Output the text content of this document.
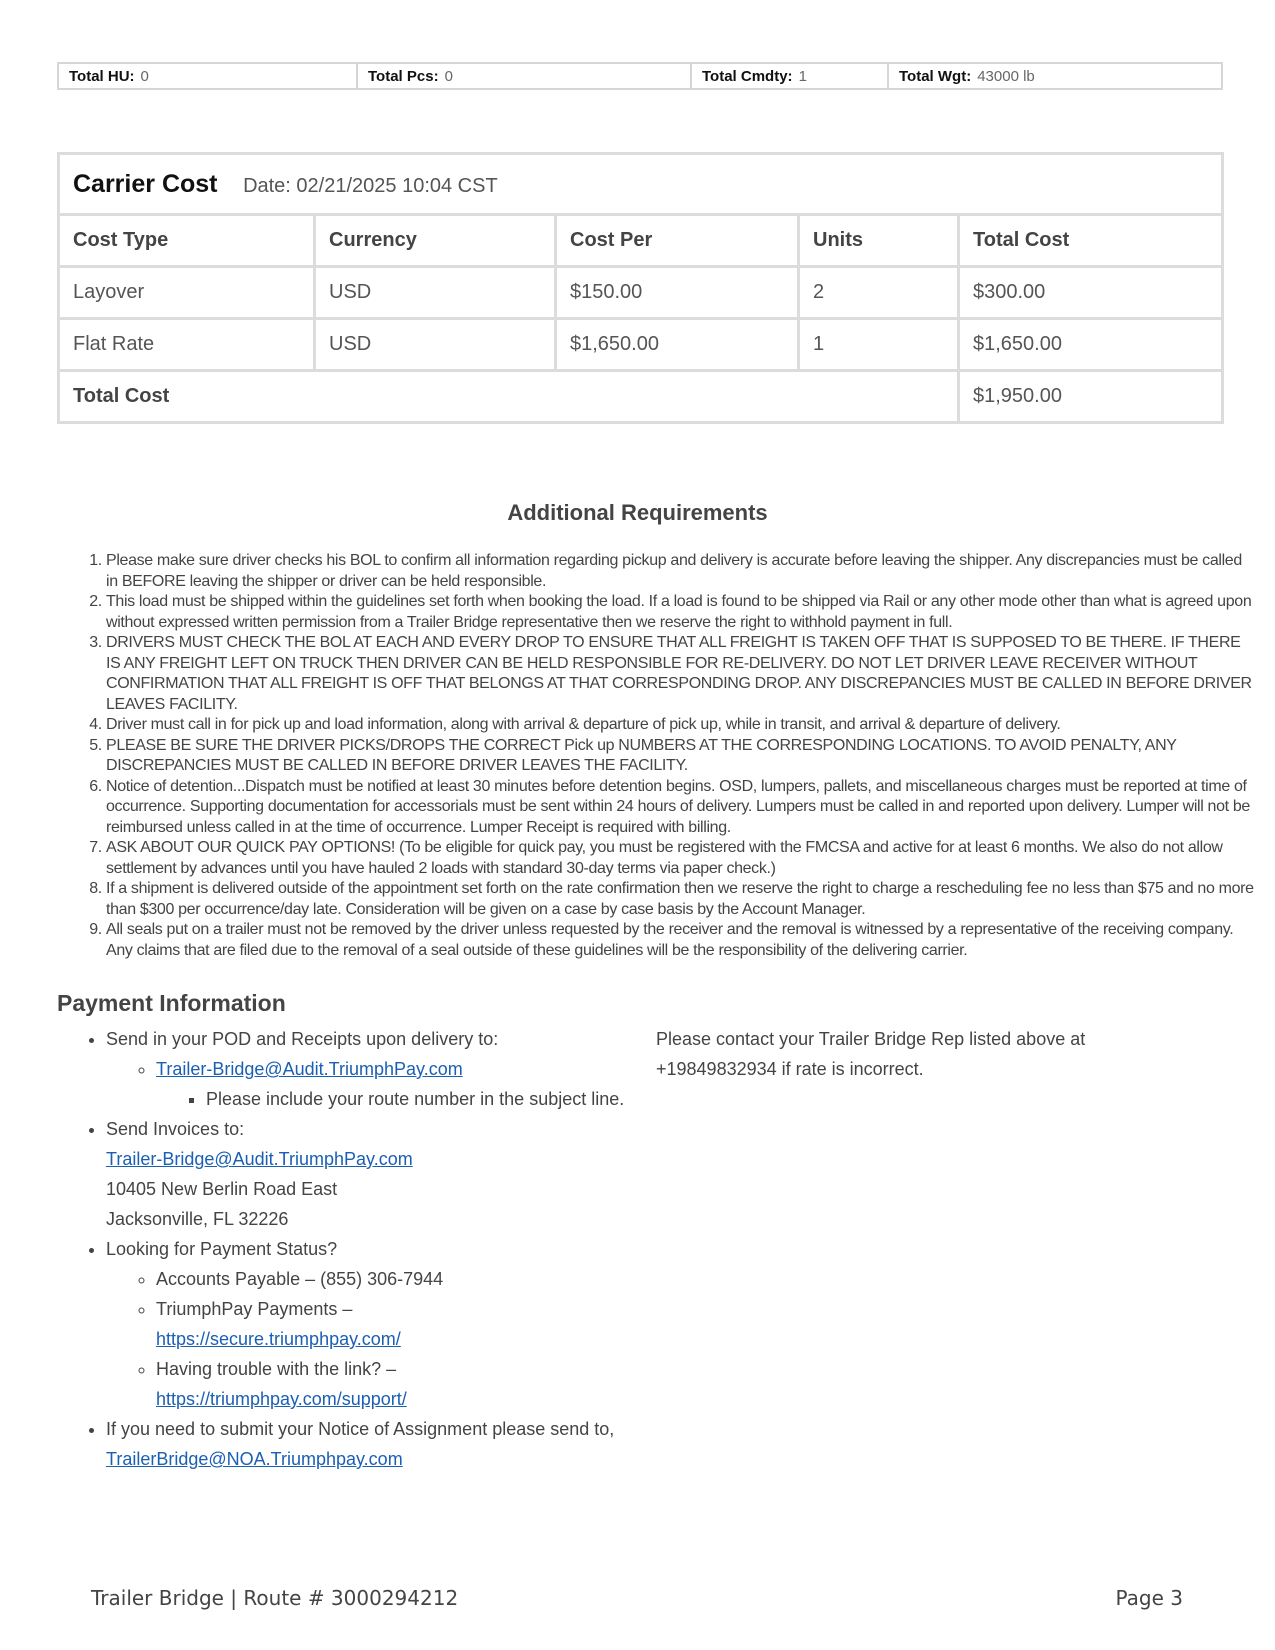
Total HU: 0	Total Pcs: 0	Total Cmdty: 1	Total Wgt: 43000 lb
Carrier Cost Date: 02/21/2025 10:04 CST				
Cost Type	Currency	Cost Per	Units	Total Cost
Layover	USD	$150.00	2	$300.00
Flat Rate	USD	$1,650.00	1	$1,650.00
Total Cost				$1,950.00
Additional Requirements
1. Please make sure driver checks his BOL to confirm all information regarding pickup and delivery is accurate before leaving the shipper. Any discrepancies must be called in BEFORE leaving the shipper or driver can be held responsible.
2. This load must be shipped within the guidelines set forth when booking the load. If a load is found to be shipped via Rail or any other mode other than what is agreed upon without expressed written permission from a Trailer Bridge representative then we reserve the right to withhold payment in full.
3. DRIVERS MUST CHECK THE BOL AT EACH AND EVERY DROP TO ENSURE THAT ALL FREIGHT IS TAKEN OFF THAT IS SUPPOSED TO BE THERE. IF THERE IS ANY FREIGHT LEFT ON TRUCK THEN DRIVER CAN BE HELD RESPONSIBLE FOR RE-DELIVERY. DO NOT LET DRIVER LEAVE RECEIVER WITHOUT CONFIRMATION THAT ALL FREIGHT IS OFF THAT BELONGS AT THAT CORRESPONDING DROP. ANY DISCREPANCIES MUST BE CALLED IN BEFORE DRIVER LEAVES FACILITY.
4. Driver must call in for pick up and load information, along with arrival & departure of pick up, while in transit, and arrival & departure of delivery.
5. PLEASE BE SURE THE DRIVER PICKS/DROPS THE CORRECT Pick up NUMBERS AT THE CORRESPONDING LOCATIONS. TO AVOID PENALTY, ANY DISCREPANCIES MUST BE CALLED IN BEFORE DRIVER LEAVES THE FACILITY.
6. Notice of detention...Dispatch must be notified at least 30 minutes before detention begins. OSD, lumpers, pallets, and miscellaneous charges must be reported at time of occurrence. Supporting documentation for accessorials must be sent within 24 hours of delivery. Lumpers must be called in and reported upon delivery. Lumper will not be reimbursed unless called in at the time of occurrence. Lumper Receipt is required with billing.
7. ASK ABOUT OUR QUICK PAY OPTIONS! (To be eligible for quick pay, you must be registered with the FMCSA and active for at least 6 months. We also do not allow settlement by advances until you have hauled 2 loads with standard 30-day terms via paper check.)
8. If a shipment is delivered outside of the appointment set forth on the rate confirmation then we reserve the right to charge a rescheduling fee no less than $75 and no more than $300 per occurrence/day late. Consideration will be given on a case by case basis by the Account Manager.
9. All seals put on a trailer must not be removed by the driver unless requested by the receiver and the removal is witnessed by a representative of the receiving company. Any claims that are filed due to the removal of a seal outside of these guidelines will be the responsibility of the delivering carrier.
Payment Information
• Send in your POD and Receipts upon delivery to:
◦ Trailer-Bridge@Audit.TriumphPay.com
▪ Please include your route number in the subject line.
• Send Invoices to:
Trailer-Bridge@Audit.TriumphPay.com
10405 New Berlin Road East
Jacksonville, FL 32226
• Looking for Payment Status?
◦ Accounts Payable – (855) 306-7944
◦ TriumphPay Payments –
https://secure.triumphpay.com/
◦ Having trouble with the link? –
https://triumphpay.com/support/
• If you need to submit your Notice of Assignment please send to, TrailerBridge@NOA.Triumphpay.com
Please contact your Trailer Bridge Rep listed above at +19849832934 if rate is incorrect.
Trailer Bridge | Route # 3000294212	Page 3
